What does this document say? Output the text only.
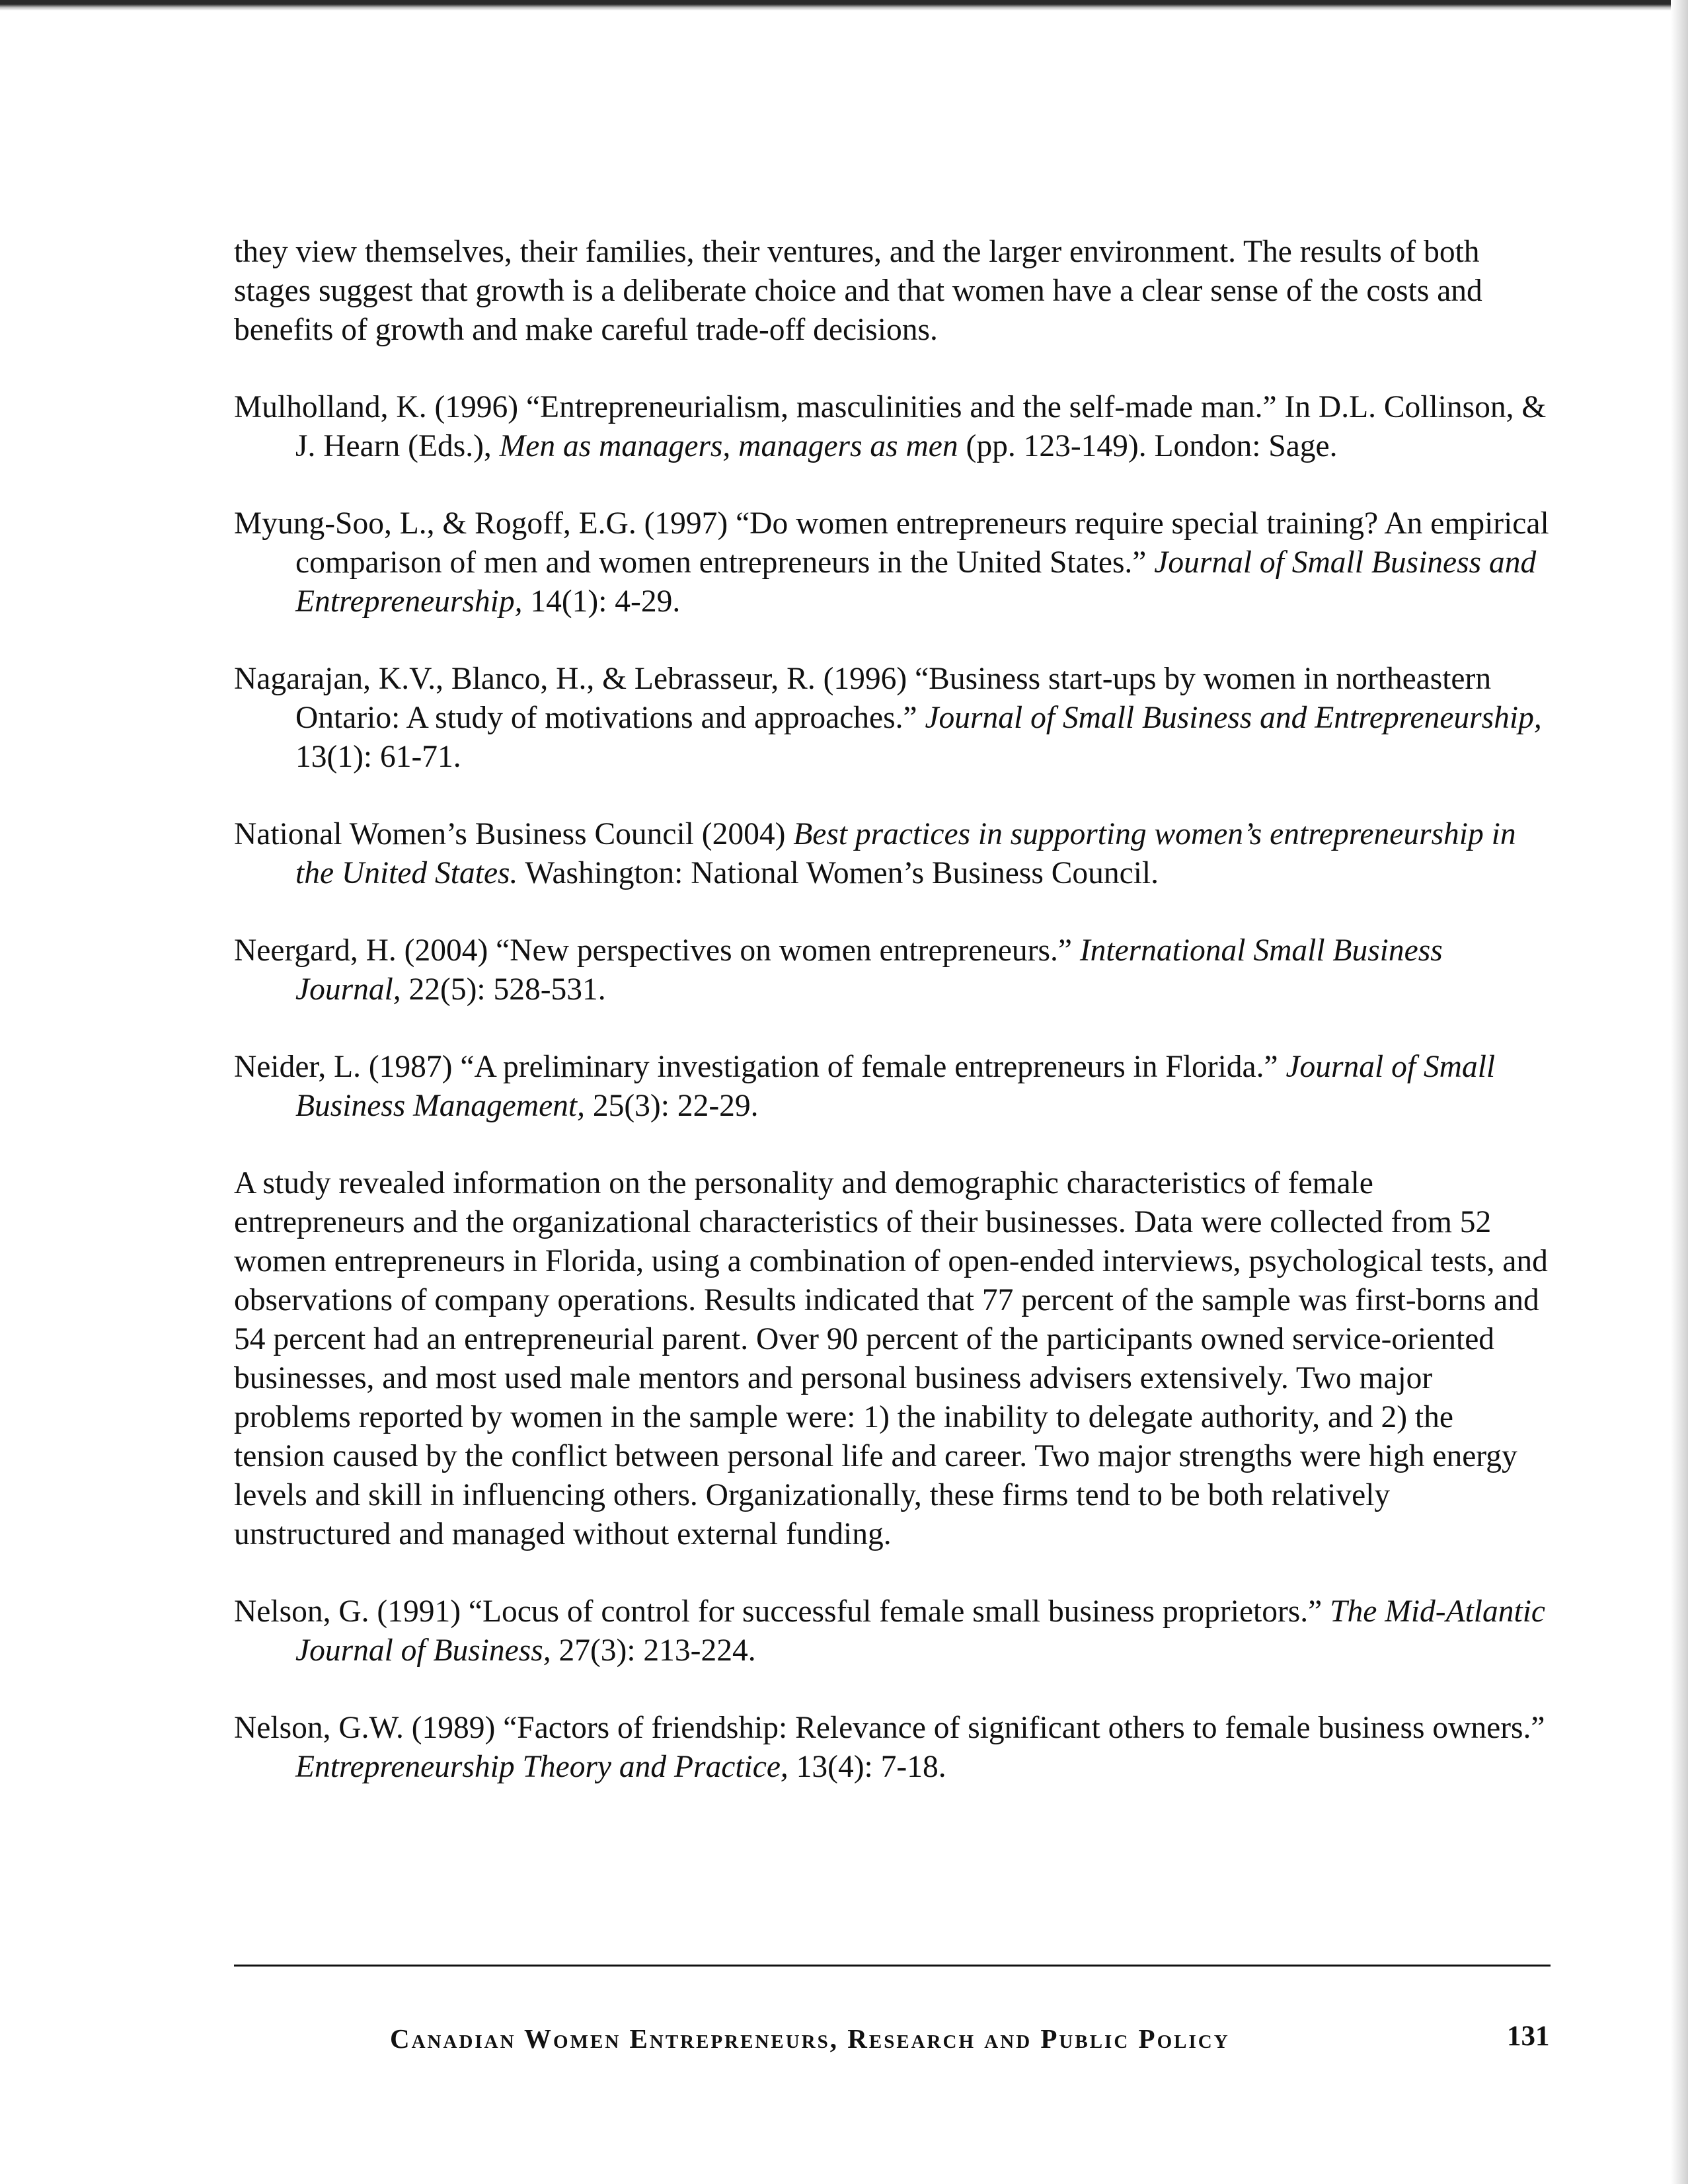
they view themselves, their families, their ventures, and the larger environment. The results of both stages suggest that growth is a deliberate choice and that women have a clear sense of the costs and benefits of growth and make careful trade-off decisions.

Mulholland, K. (1996) “Entrepreneurialism, masculinities and the self-made man.” In D.L. Collinson, & J. Hearn (Eds.), Men as managers, managers as men (pp. 123-149). London: Sage.

Myung-Soo, L., & Rogoff, E.G. (1997) “Do women entrepreneurs require special training? An empirical comparison of men and women entrepreneurs in the United States.” Journal of Small Business and Entrepreneurship, 14(1): 4-29.

Nagarajan, K.V., Blanco, H., & Lebrasseur, R. (1996) “Business start-ups by women in northeastern Ontario: A study of motivations and approaches.” Journal of Small Business and Entrepreneurship, 13(1): 61-71.

National Women’s Business Council (2004) Best practices in supporting women’s entrepreneurship in the United States. Washington: National Women’s Business Council.

Neergard, H. (2004) “New perspectives on women entrepreneurs.” International Small Business Journal, 22(5): 528-531.

Neider, L. (1987) “A preliminary investigation of female entrepreneurs in Florida.” Journal of Small Business Management, 25(3): 22-29.

A study revealed information on the personality and demographic characteristics of female entrepreneurs and the organizational characteristics of their businesses. Data were collected from 52 women entrepreneurs in Florida, using a combination of open-ended interviews, psychological tests, and observations of company operations. Results indicated that 77 percent of the sample was first-borns and 54 percent had an entrepreneurial parent. Over 90 percent of the participants owned service-oriented businesses, and most used male mentors and personal business advisers extensively. Two major problems reported by women in the sample were: 1) the inability to delegate authority, and 2) the tension caused by the conflict between personal life and career. Two major strengths were high energy levels and skill in influencing others. Organizationally, these firms tend to be both relatively unstructured and managed without external funding.

Nelson, G. (1991) “Locus of control for successful female small business proprietors.” The Mid-Atlantic Journal of Business, 27(3): 213-224.

Nelson, G.W. (1989) “Factors of friendship: Relevance of significant others to female business owners.” Entrepreneurship Theory and Practice, 13(4): 7-18.

Canadian Women Entrepreneurs, Research and Public Policy	131
